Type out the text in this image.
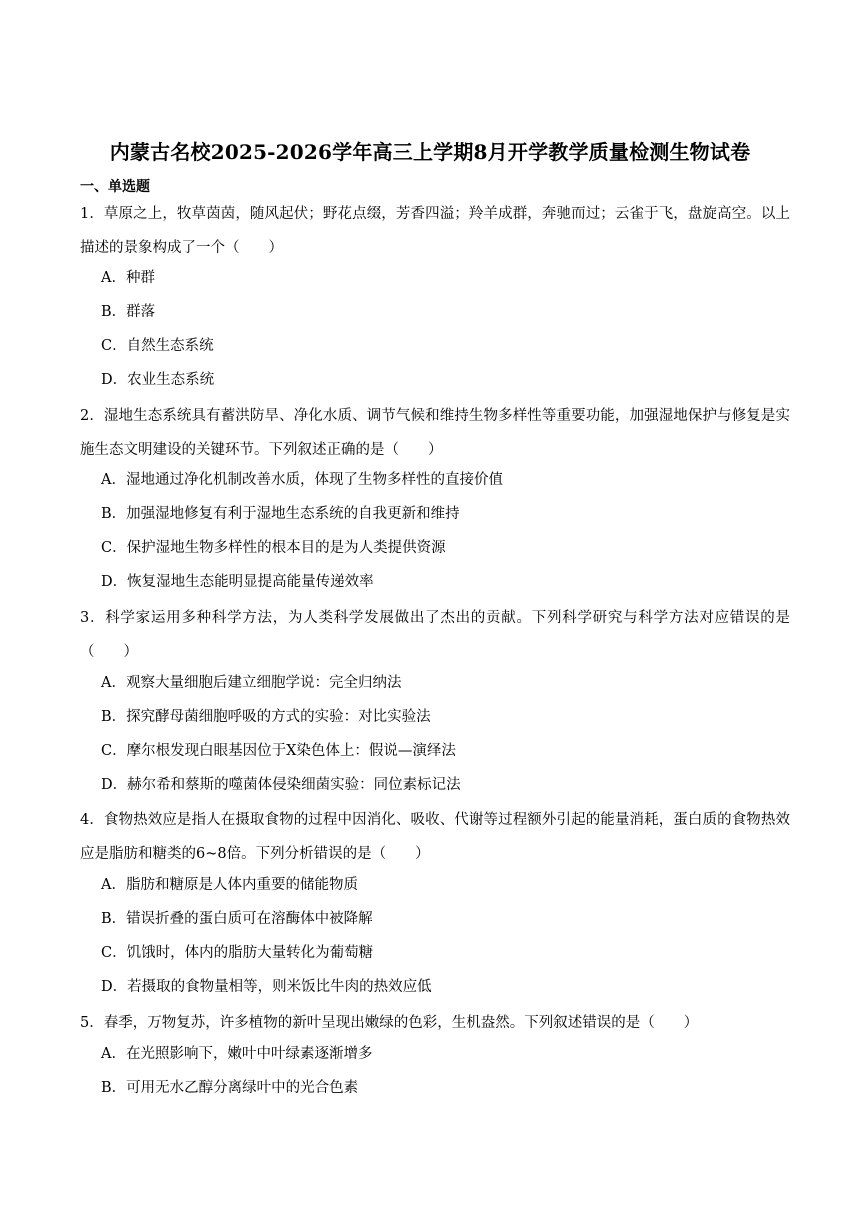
内蒙古名校2025-2026学年高三上学期8月开学教学质量检测生物试卷
一、单选题
1．草原之上，牧草茵茵，随风起伏；野花点缀，芳香四溢；羚羊成群，奔驰而过；云雀于飞，盘旋高空。以上描述的景象构成了一个（　　）
A．种群
B．群落
C．自然生态系统
D．农业生态系统
2．湿地生态系统具有蓄洪防旱、净化水质、调节气候和维持生物多样性等重要功能，加强湿地保护与修复是实施生态文明建设的关键环节。下列叙述正确的是（　　）
A．湿地通过净化机制改善水质，体现了生物多样性的直接价值
B．加强湿地修复有利于湿地生态系统的自我更新和维持
C．保护湿地生物多样性的根本目的是为人类提供资源
D．恢复湿地生态能明显提高能量传递效率
3．科学家运用多种科学方法，为人类科学发展做出了杰出的贡献。下列科学研究与科学方法对应错误的是（　　）
A．观察大量细胞后建立细胞学说：完全归纳法
B．探究酵母菌细胞呼吸的方式的实验：对比实验法
C．摩尔根发现白眼基因位于X染色体上：假说—演绎法
D．赫尔希和蔡斯的噬菌体侵染细菌实验：同位素标记法
4．食物热效应是指人在摄取食物的过程中因消化、吸收、代谢等过程额外引起的能量消耗，蛋白质的食物热效应是脂肪和糖类的6~8倍。下列分析错误的是（　　）
A．脂肪和糖原是人体内重要的储能物质
B．错误折叠的蛋白质可在溶酶体中被降解
C．饥饿时，体内的脂肪大量转化为葡萄糖
D．若摄取的食物量相等，则米饭比牛肉的热效应低
5．春季，万物复苏，许多植物的新叶呈现出嫩绿的色彩，生机盎然。下列叙述错误的是（　　）
A．在光照影响下，嫩叶中叶绿素逐渐增多
B．可用无水乙醇分离绿叶中的光合色素
